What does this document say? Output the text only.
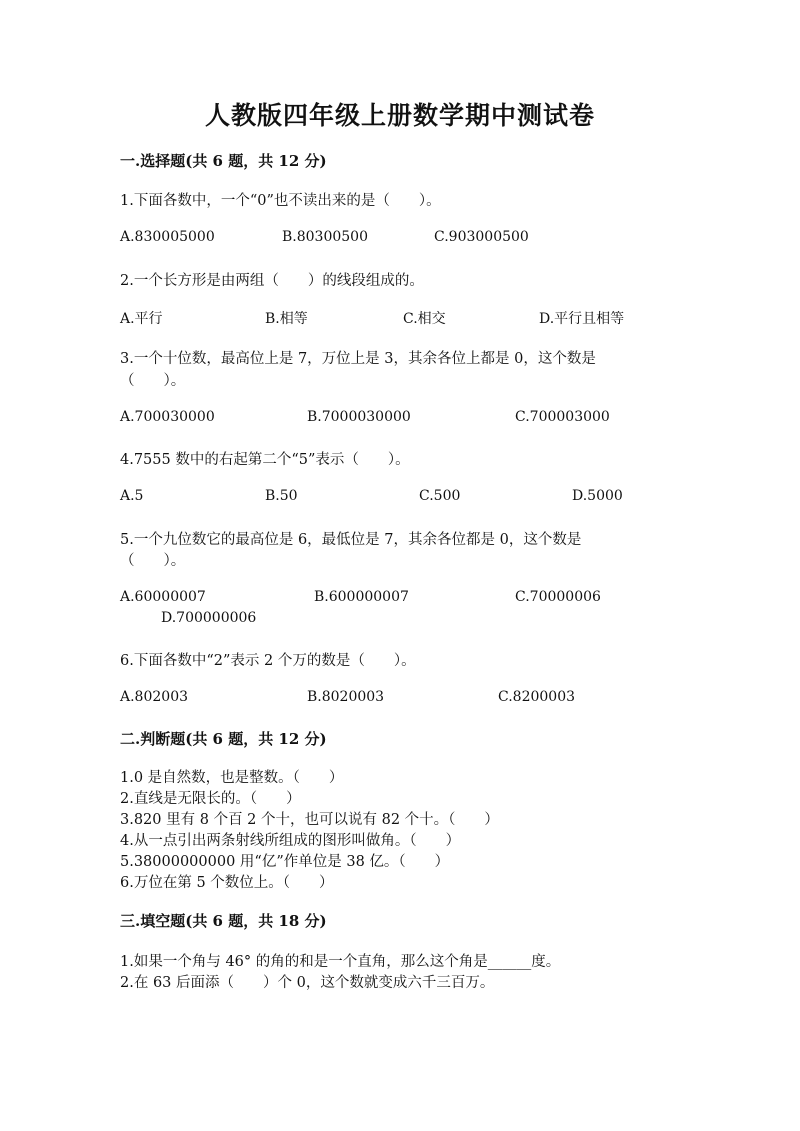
人教版四年级上册数学期中测试卷
一.选择题(共 6 题，共 12 分)
1.下面各数中，一个“0”也不读出来的是（　　）。
A.830005000	B.80300500	C.903000500
2.一个长方形是由两组（　　）的线段组成的。
A.平行	B.相等	C.相交	D.平行且相等
3.一个十位数，最高位上是 7，万位上是 3，其余各位上都是 0，这个数是
（　　）。
A.700030000	B.7000030000	C.700003000
4.7555 数中的右起第二个“5”表示（　　）。
A.5	B.50	C.500	D.5000
5.一个九位数它的最高位是 6，最低位是 7，其余各位都是 0，这个数是
（　　）。
A.60000007	B.600000007	C.70000006
D.700000006
6.下面各数中“2”表示 2 个万的数是（　　）。
A.802003	B.8020003	C.8200003
二.判断题(共 6 题，共 12 分)
1.0 是自然数，也是整数。（　　）
2.直线是无限长的。（　　）
3.820 里有 8 个百 2 个十，也可以说有 82 个十。（　　）
4.从一点引出两条射线所组成的图形叫做角。（　　）
5.38000000000 用“亿”作单位是 38 亿。（　　）
6.万位在第 5 个数位上。（　　）
三.填空题(共 6 题，共 18 分)
1.如果一个角与 46° 的角的和是一个直角，那么这个角是______度。
2.在 63 后面添（　　）个 0，这个数就变成六千三百万。
